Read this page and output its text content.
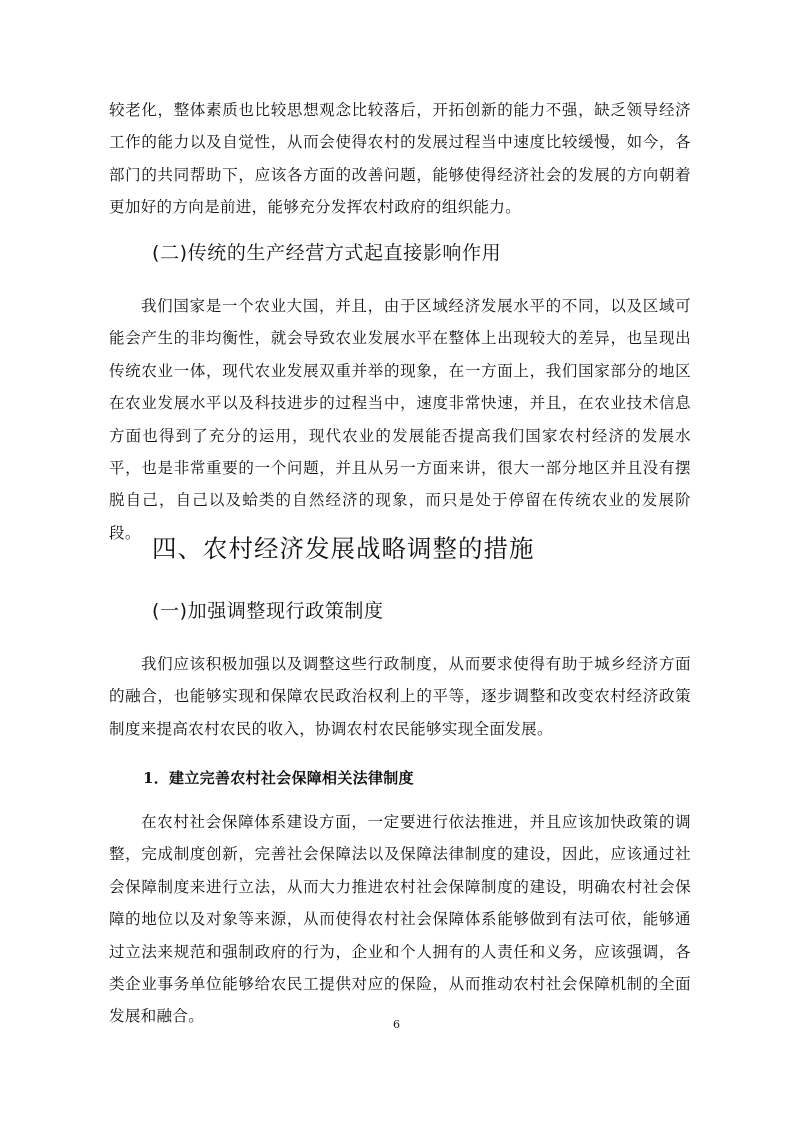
较老化，整体素质也比较思想观念比较落后，开拓创新的能力不强，缺乏领导经济工作的能力以及自觉性，从而会使得农村的发展过程当中速度比较缓慢，如今，各部门的共同帮助下，应该各方面的改善问题，能够使得经济社会的发展的方向朝着更加好的方向是前进，能够充分发挥农村政府的组织能力。

(二)传统的生产经营方式起直接影响作用

我们国家是一个农业大国，并且，由于区域经济发展水平的不同，以及区域可能会产生的非均衡性，就会导致农业发展水平在整体上出现较大的差异，也呈现出传统农业一体，现代农业发展双重并举的现象，在一方面上，我们国家部分的地区在农业发展水平以及科技进步的过程当中，速度非常快速，并且，在农业技术信息方面也得到了充分的运用，现代农业的发展能否提高我们国家农村经济的发展水平，也是非常重要的一个问题，并且从另一方面来讲，很大一部分地区并且没有摆脱自己，自己以及蛤类的自然经济的现象，而只是处于停留在传统农业的发展阶段。

四、农村经济发展战略调整的措施
(一)加强调整现行政策制度

我们应该积极加强以及调整这些行政制度，从而要求使得有助于城乡经济方面的融合，也能够实现和保障农民政治权利上的平等，逐步调整和改变农村经济政策制度来提高农村农民的收入，协调农村农民能够实现全面发展。

1．建立完善农村社会保障相关法律制度

在农村社会保障体系建设方面，一定要进行依法推进，并且应该加快政策的调整，完成制度创新，完善社会保障法以及保障法律制度的建设，因此，应该通过社会保障制度来进行立法，从而大力推进农村社会保障制度的建设，明确农村社会保障的地位以及对象等来源，从而使得农村社会保障体系能够做到有法可依，能够通过立法来规范和强制政府的行为，企业和个人拥有的人责任和义务，应该强调，各类企业事务单位能够给农民工提供对应的保险，从而推动农村社会保障机制的全面发展和融合。	6
